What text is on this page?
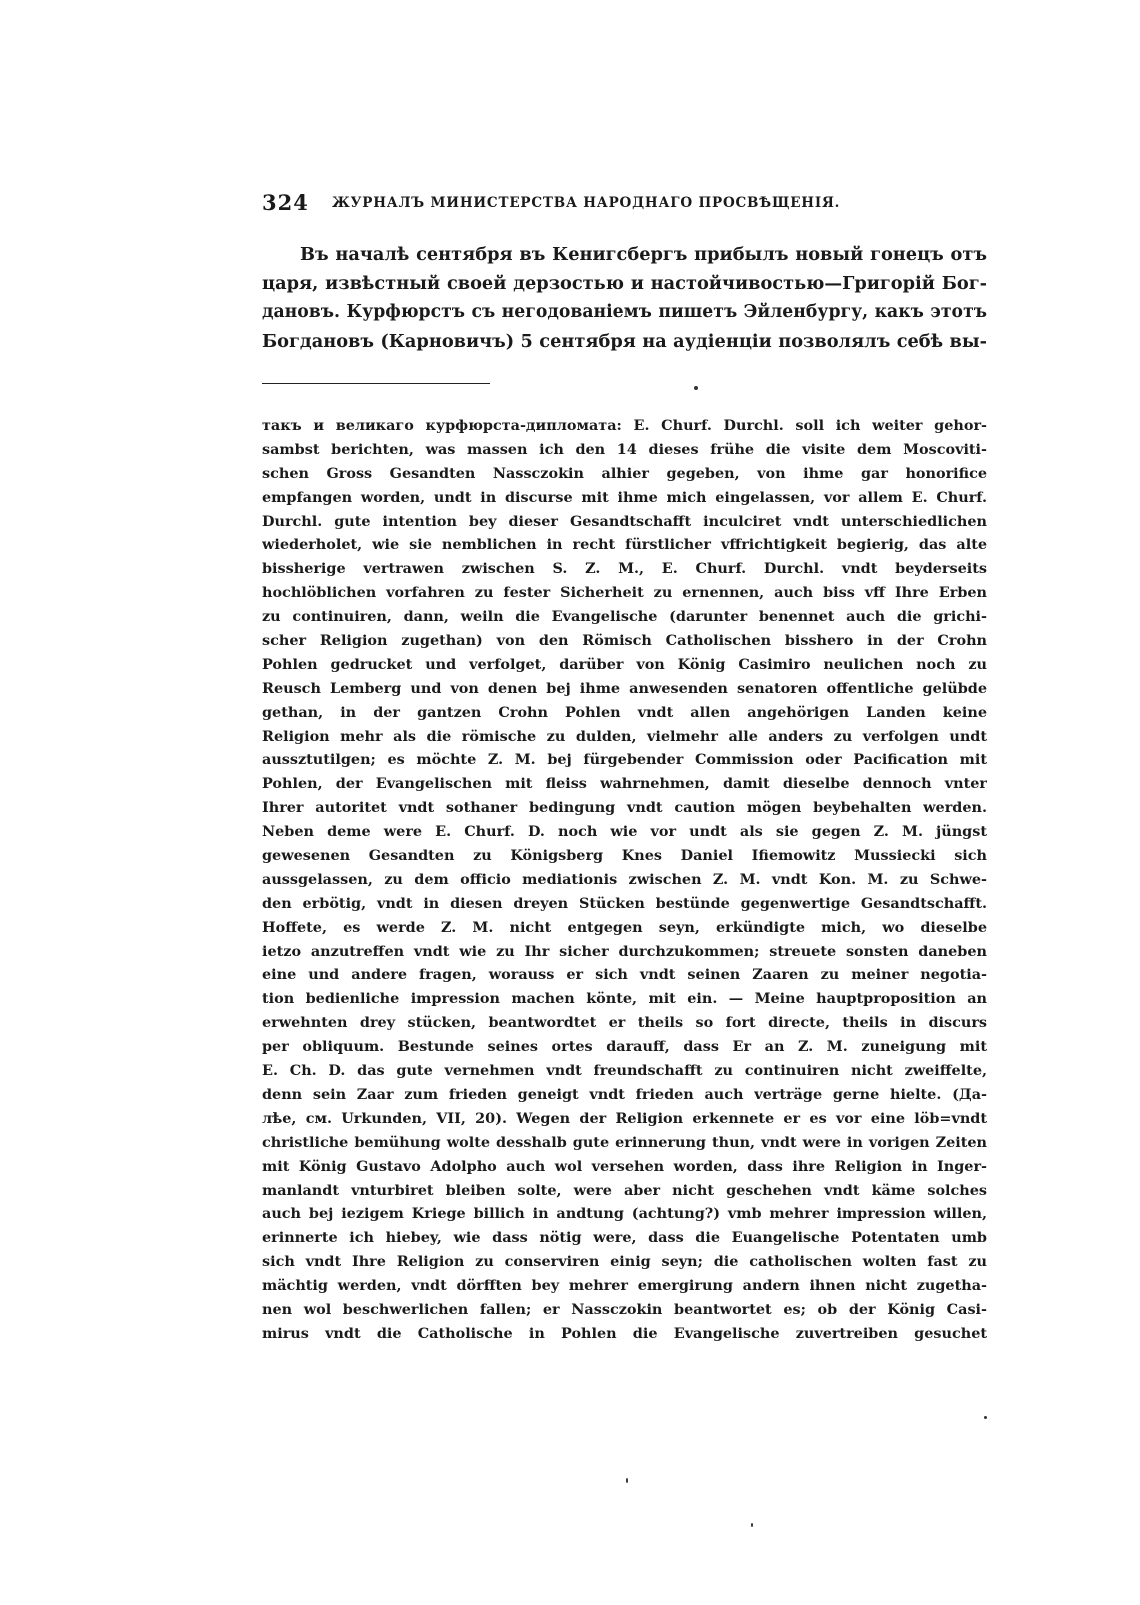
324 ЖУРНАЛЪ МИНИСТЕРСТВА НАРОДНАГО ПРОСВѢЩЕНІЯ.
Въ началѣ сентября въ Кенигсбергъ прибылъ новый гонецъ отъ
царя, извѣстный своей дерзостью и настойчивостью—Григорій Бог-
дановъ. Курфюрстъ съ негодованіемъ пишетъ Эйленбургу, какъ этотъ
Богдановъ (Карновичъ) 5 сентября на аудіенціи позволялъ себѣ вы-
такъ и великаго курфюрста-дипломата: E. Churf. Durchl. soll ich weiter gehor-
sambst berichten, was massen ich den 14 dieses frühe die visite dem Moscoviti-
schen Gross Gesandten Nassczokin alhier gegeben, von ihme gar honorifice
empfangen worden, undt in discurse mit ihme mich eingelassen, vor allem E. Churf.
Durchl. gute intention bey dieser Gesandtschafft inculciret vndt unterschiedlichen
wiederholet, wie sie nemblichen in recht fürstlicher vffrichtigkeit begierig, das alte
bissherige vertrawen zwischen S. Z. M., E. Churf. Durchl. vndt beyderseits
hochlöblichen vorfahren zu fester Sicherheit zu ernennen, auch biss vff Ihre Erben
zu continuiren, dann, weiln die Evangelische (darunter benennet auch die grichi-
scher Religion zugethan) von den Römisch Catholischen bisshero in der Crohn
Pohlen gedrucket und verfolget, darüber von König Casimiro neulichen noch zu
Reusch Lemberg und von denen bej ihme anwesenden senatoren offentliche gelübde
gethan, in der gantzen Crohn Pohlen vndt allen angehörigen Landen keine
Religion mehr als die römische zu dulden, vielmehr alle anders zu verfolgen undt
aussztutilgen; es möchte Z. M. bej fürgebender Commission oder Pacification mit
Pohlen, der Evangelischen mit fleiss wahrnehmen, damit dieselbe dennoch vnter
Ihrer autoritet vndt sothaner bedingung vndt caution mögen beybehalten werden.
Neben deme were E. Churf. D. noch wie vor undt als sie gegen Z. M. jüngst
gewesenen Gesandten zu Königsberg Knes Daniel Ifiemowitz Mussiecki sich
aussgelassen, zu dem officio mediationis zwischen Z. M. vndt Kon. M. zu Schwe-
den erbötig, vndt in diesen dreyen Stücken bestünde gegenwertige Gesandtschafft.
Hoffete, es werde Z. M. nicht entgegen seyn, erkündigte mich, wo dieselbe
ietzo anzutreffen vndt wie zu Ihr sicher durchzukommen; streuete sonsten daneben
eine und andere fragen, worauss er sich vndt seinen Zaaren zu meiner negotia-
tion bedienliche impression machen könte, mit ein. — Meine hauptproposition an
erwehnten drey stücken, beantwordtet er theils so fort directe, theils in discurs
per obliquum. Bestunde seines ortes darauff, dass Er an Z. M. zuneigung mit
E. Ch. D. das gute vernehmen vndt freundschafft zu continuiren nicht zweiffelte,
denn sein Zaar zum frieden geneigt vndt frieden auch verträge gerne hielte. (Да-
лѣе, см. Urkunden, VII, 20). Wegen der Religion erkennete er es vor eine löb=vndt
christliche bemühung wolte desshalb gute erinnerung thun, vndt were in vorigen Zeiten
mit König Gustavo Adolpho auch wol versehen worden, dass ihre Religion in Inger-
manlandt vnturbiret bleiben solte, were aber nicht geschehen vndt käme solches
auch bej iezigem Kriege billich in andtung (achtung?) vmb mehrer impression willen,
erinnerte ich hiebey, wie dass nötig were, dass die Euangelische Potentaten umb
sich vndt Ihre Religion zu conserviren einig seyn; die catholischen wolten fast zu
mächtig werden, vndt dörfften bey mehrer emergirung andern ihnen nicht zugetha-
nen wol beschwerlichen fallen; er Nassczokin beantwortet es; ob der König Casi-
mirus vndt die Catholische in Pohlen die Evangelische zuvertreiben gesuchet
